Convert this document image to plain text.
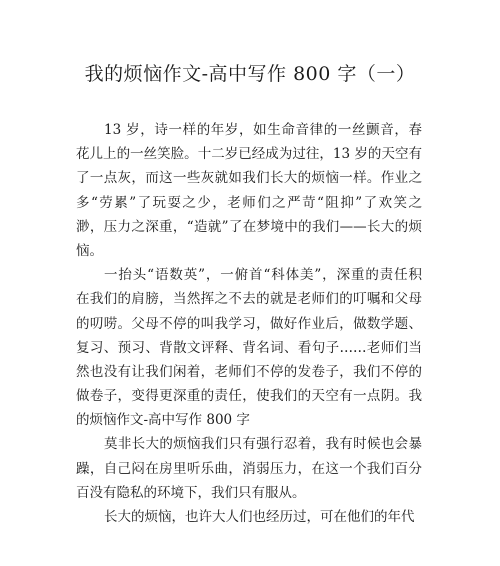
我的烦恼作文-高中写作 800 字（一）
13 岁，诗一样的年岁，如生命音律的一丝颤音，春
花儿上的一丝笑脸。十二岁已经成为过往，13 岁的天空有
了一点灰，而这一些灰就如我们长大的烦恼一样。作业之
多“劳累”了玩耍之少，老师们之严苛“阻抑”了欢笑之
渺，压力之深重，“造就”了在梦境中的我们——长大的烦
恼。
一抬头“语数英”，一俯首“科体美”，深重的责任积
在我们的肩膀，当然挥之不去的就是老师们的叮嘱和父母
的叨唠。父母不停的叫我学习，做好作业后，做数学题、
复习、预习、背散文评释、背名词、看句子……老师们当
然也没有让我们闲着，老师们不停的发卷子，我们不停的
做卷子，变得更深重的责任，使我们的天空有一点阴。我
的烦恼作文-高中写作 800 字
莫非长大的烦恼我们只有强行忍着，我有时候也会暴
躁，自己闷在房里听乐曲，消弱压力，在这一个我们百分
百没有隐私的环境下，我们只有服从。
长大的烦恼，也许大人们也经历过，可在他们的年代
